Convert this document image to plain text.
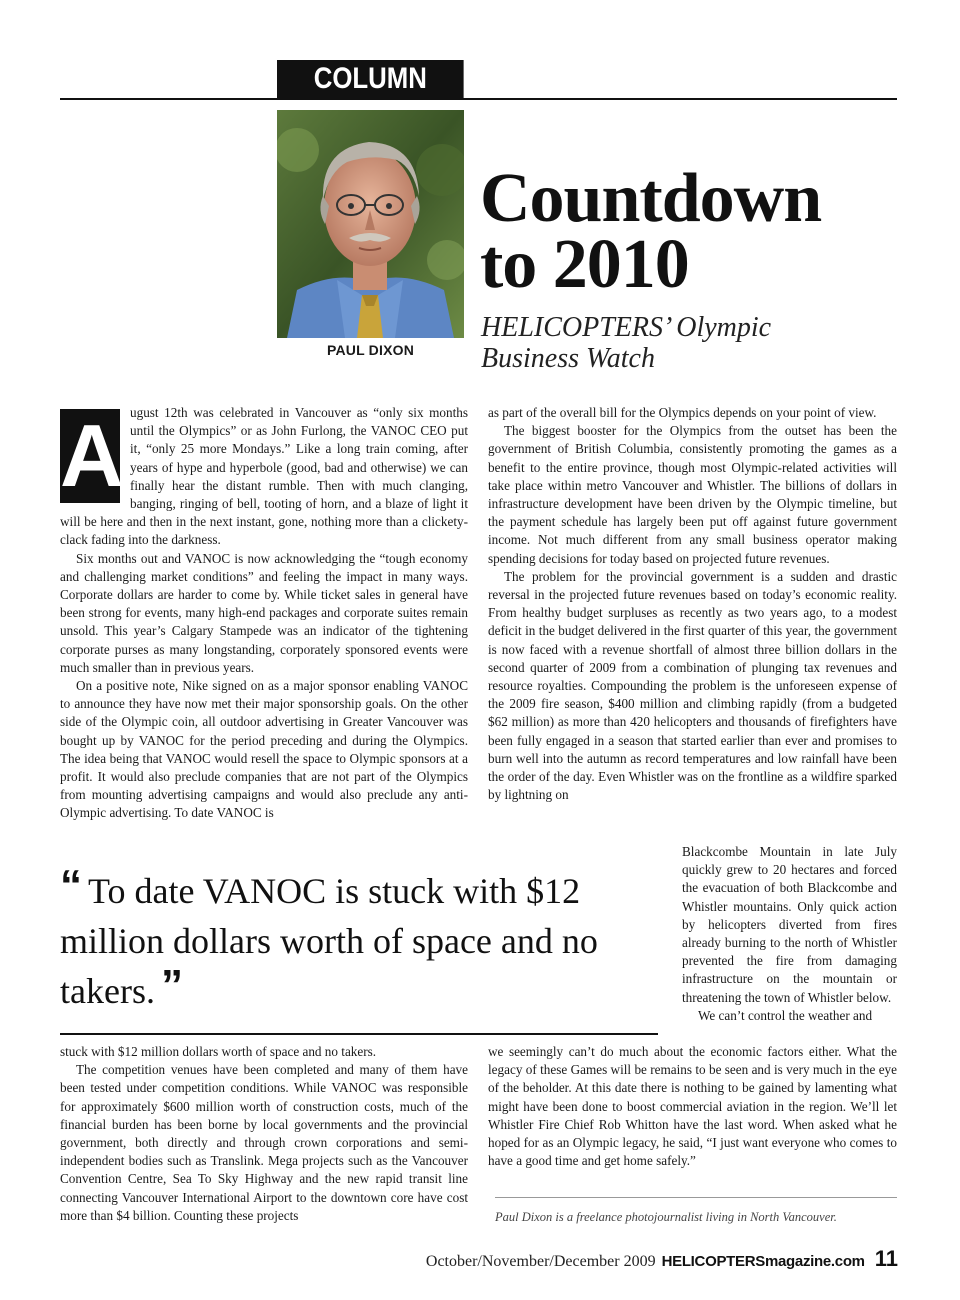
COLUMN
PAUL DIXON
Countdown
to 2010
HELICOPTERS’ Olympic
Business Watch
A ugust 12th was celebrated in Vancouver as “only six months until the Olympics” or as John Furlong, the VANOC CEO put it, “only 25 more Mondays.” Like a long train coming, after years of hype and hyperbole (good, bad and otherwise) we can finally hear the distant rumble. Then with much clanging, banging, ringing of bell, tooting of horn, and a blaze of light it will be here and then in the next instant, gone, nothing more than a clickety-clack fading into the darkness.

Six months out and VANOC is now acknowledging the “tough economy and challenging market conditions” and feeling the impact in many ways. Corporate dollars are harder to come by. While ticket sales in general have been strong for events, many high-end packages and corporate suites remain unsold. This year’s Calgary Stampede was an indicator of the tightening corporate purses as many longstanding, corporately sponsored events were much smaller than in previous years.

On a positive note, Nike signed on as a major sponsor enabling VANOC to announce they have now met their major sponsorship goals. On the other side of the Olympic coin, all outdoor advertising in Greater Vancouver was bought up by VANOC for the period preceding and during the Olympics. The idea being that VANOC would resell the space to Olympic sponsors at a profit. It would also preclude companies that are not part of the Olympics from mounting advertising campaigns and would also preclude any anti-Olympic advertising. To date VANOC is

“ To date VANOC is stuck with $12 million dollars worth of space and no takers. ”

stuck with $12 million dollars worth of space and no takers.

The competition venues have been completed and many of them have been tested under competition conditions. While VANOC was responsible for approximately $600 million worth of construction costs, much of the financial burden has been borne by local governments and the provincial government, both directly and through crown corporations and semi-independent bodies such as Translink. Mega projects such as the Vancouver Convention Centre, Sea To Sky Highway and the new rapid transit line connecting Vancouver International Airport to the downtown core have cost more than $4 billion. Counting these projects

as part of the overall bill for the Olympics depends on your point of view.

The biggest booster for the Olympics from the outset has been the government of British Columbia, consistently promoting the games as a benefit to the entire province, though most Olympic-related activities will take place within metro Vancouver and Whistler. The billions of dollars in infrastructure development have been driven by the Olympic timeline, but the payment schedule has largely been put off against future government income. Not much different from any small business operator making spending decisions for today based on projected future revenues.

The problem for the provincial government is a sudden and drastic reversal in the projected future revenues based on today’s economic reality. From healthy budget surpluses as recently as two years ago, to a modest deficit in the budget delivered in the first quarter of this year, the government is now faced with a revenue shortfall of almost three billion dollars in the second quarter of 2009 from a combination of plunging tax revenues and resource royalties. Compounding the problem is the unforeseen expense of the 2009 fire season, $400 million and climbing rapidly (from a budgeted $62 million) as more than 420 helicopters and thousands of firefighters have been fully engaged in a season that started earlier than ever and promises to burn well into the autumn as record temperatures and low rainfall have been the order of the day. Even Whistler was on the frontline as a wildfire sparked by lightning on

Blackcombe Mountain in late July quickly grew to 20 hectares and forced the evacuation of both Blackcombe and Whistler mountains. Only quick action by helicopters diverted from fires already burning to the north of Whistler prevented the fire from damaging infrastructure on the mountain or threatening the town of Whistler below.

We can’t control the weather and

we seemingly can’t do much about the economic factors either. What the legacy of these Games will be remains to be seen and is very much in the eye of the beholder. At this date there is nothing to be gained by lamenting what might have been done to boost commercial aviation in the region. We’ll let Whistler Fire Chief Rob Whitton have the last word. When asked what he hoped for as an Olympic legacy, he said, “I just want everyone who comes to have a good time and get home safely.”

Paul Dixon is a freelance photojournalist living in North Vancouver.
October/November/December 2009 HELICOPTERSmagazine.com 11
